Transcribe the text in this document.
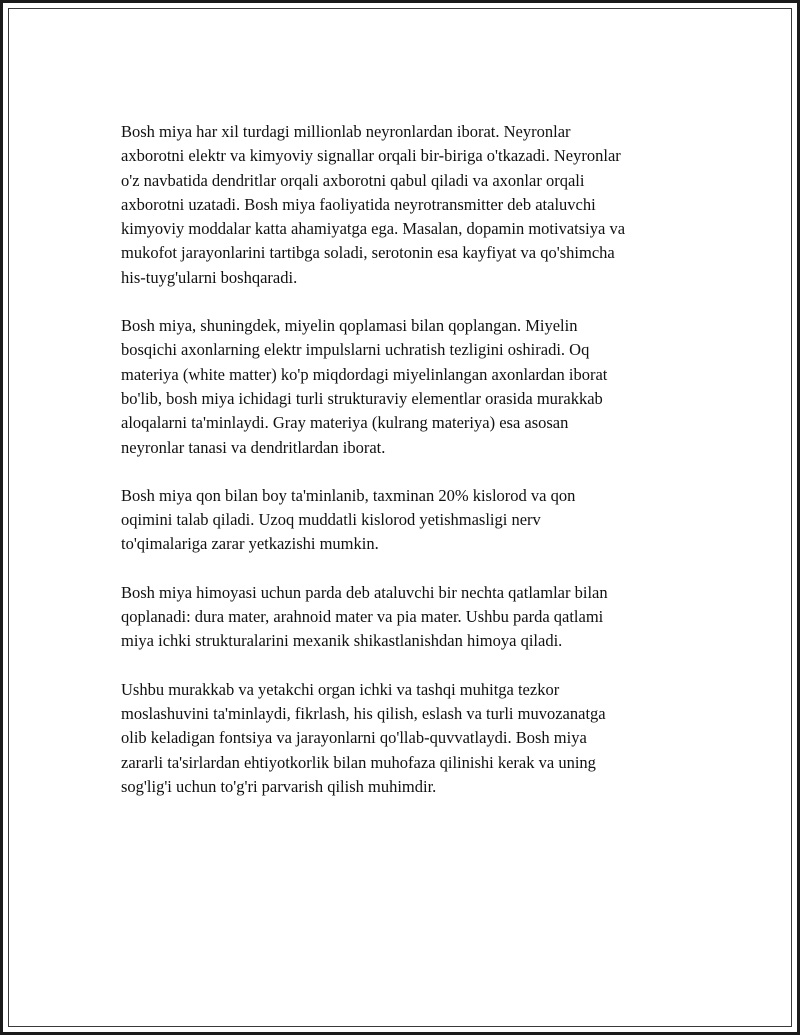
Bosh miya har xil turdagi millionlab neyronlardan iborat. Neyronlar
axborotni elektr va kimyoviy signallar orqali bir-biriga o'tkazadi. Neyronlar
o'z navbatida dendritlar orqali axborotni qabul qiladi va axonlar orqali
axborotni uzatadi. Bosh miya faoliyatida neyrotransmitter deb ataluvchi
kimyoviy moddalar katta ahamiyatga ega. Masalan, dopamin motivatsiya va
mukofot jarayonlarini tartibga soladi, serotonin esa kayfiyat va qo'shimcha
his-tuyg'ularni boshqaradi.

Bosh miya, shuningdek, miyelin qoplamasi bilan qoplangan. Miyelin
bosqichi axonlarning elektr impulslarni uchratish tezligini oshiradi. Oq
materiya (white matter) ko'p miqdordagi miyelinlangan axonlardan iborat
bo'lib, bosh miya ichidagi turli strukturaviy elementlar orasida murakkab
aloqalarni ta'minlaydi. Gray materiya (kulrang materiya) esa asosan
neyronlar tanasi va dendritlardan iborat.

Bosh miya qon bilan boy ta'minlanib, taxminan 20% kislorod va qon
oqimini talab qiladi. Uzoq muddatli kislorod yetishmasligi nerv
to'qimalariga zarar yetkazishi mumkin.

Bosh miya himoyasi uchun parda deb ataluvchi bir nechta qatlamlar bilan
qoplanadi: dura mater, arahnoid mater va pia mater. Ushbu parda qatlami
miya ichki strukturalarini mexanik shikastlanishdan himoya qiladi.

Ushbu murakkab va yetakchi organ ichki va tashqi muhitga tezkor
moslashuvini ta'minlaydi, fikrlash, his qilish, eslash va turli muvozanatga
olib keladigan fontsiya va jarayonlarni qo'llab-quvvatlaydi. Bosh miya
zararli ta'sirlardan ehtiyotkorlik bilan muhofaza qilinishi kerak va uning
sog'lig'i uchun to'g'ri parvarish qilish muhimdir.
